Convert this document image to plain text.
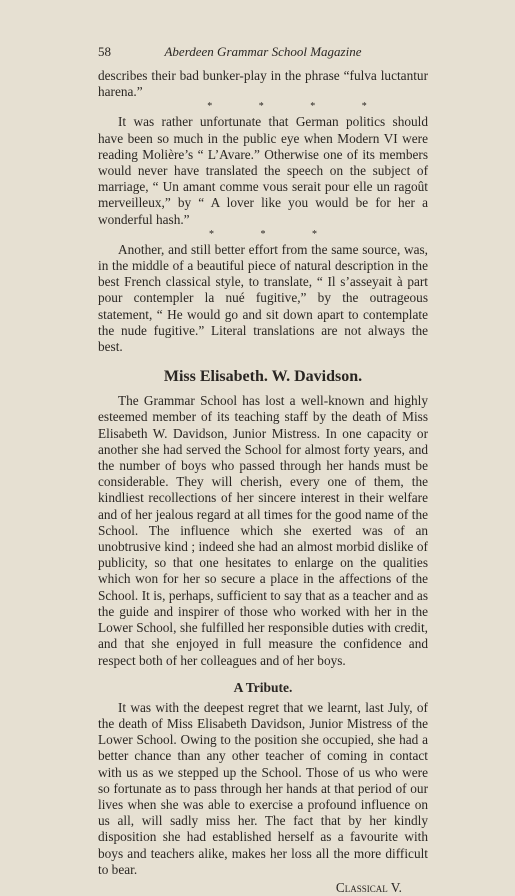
58	Aberdeen Grammar School Magazine

describes their bad bunker-play in the phrase “fulva luctantur harena.”

* * * *

It was rather unfortunate that German politics should have been so much in the public eye when Modern VI were reading Molière’s “ L’Avare.” Otherwise one of its members would never have translated the speech on the subject of marriage, “ Un amant comme vous serait pour elle un ragoût merveilleux,” by “ A lover like you would be for her a wonderful hash.”

* * *

Another, and still better effort from the same source, was, in the middle of a beautiful piece of natural description in the best French classical style, to translate, “ Il s’asseyait à part pour contempler la nué fugitive,” by the outrageous statement, “ He would go and sit down apart to contemplate the nude fugitive.” Literal translations are not always the best.

Miss Elisabeth. W. Davidson.

The Grammar School has lost a well-known and highly esteemed member of its teaching staff by the death of Miss Elisabeth W. Davidson, Junior Mistress. In one capacity or another she had served the School for almost forty years, and the number of boys who passed through her hands must be considerable. They will cherish, every one of them, the kindliest recollections of her sincere interest in their welfare and of her jealous regard at all times for the good name of the School. The influence which she exerted was of an unobtrusive kind ; indeed she had an almost morbid dislike of publicity, so that one hesitates to enlarge on the qualities which won for her so secure a place in the affections of the School. It is, perhaps, sufficient to say that as a teacher and as the guide and inspirer of those who worked with her in the Lower School, she fulfilled her responsible duties with credit, and that she enjoyed in full measure the confidence and respect both of her colleagues and of her boys.

A Tribute.

It was with the deepest regret that we learnt, last July, of the death of Miss Elisabeth Davidson, Junior Mistress of the Lower School. Owing to the position she occupied, she had a better chance than any other teacher of coming in contact with us as we stepped up the School. Those of us who were so fortunate as to pass through her hands at that period of our lives when she was able to exercise a profound influence on us all, will sadly miss her. The fact that by her kindly disposition she had established herself as a favourite with boys and teachers alike, makes her loss all the more difficult to bear.

Classical V.
